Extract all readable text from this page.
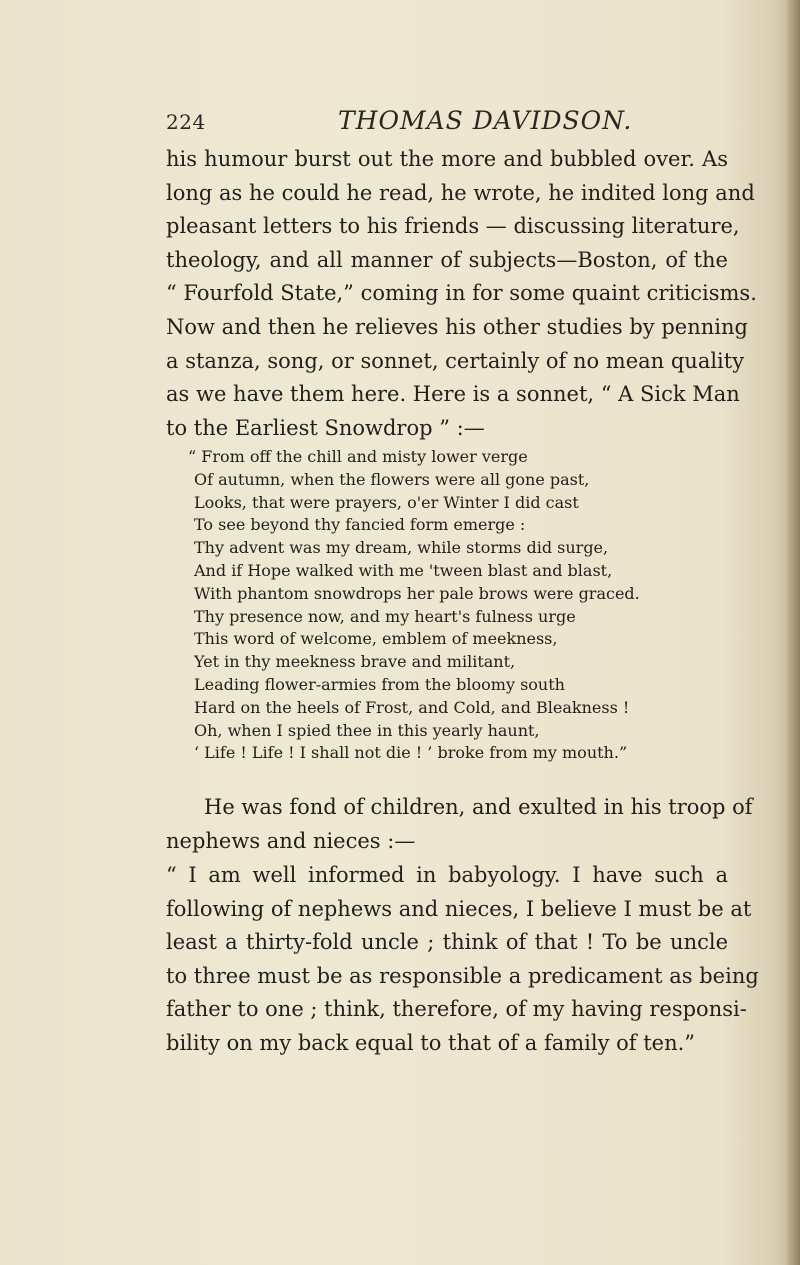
224	THOMAS DAVIDSON.

his humour burst out the more and bubbled over. As
long as he could he read, he wrote, he indited long and
pleasant letters to his friends — discussing literature,
theology, and all manner of subjects—Boston, of the
“ Fourfold State,” coming in for some quaint criticisms.
Now and then he relieves his other studies by penning
a stanza, song, or sonnet, certainly of no mean quality
as we have them here. Here is a sonnet, “ A Sick Man
to the Earliest Snowdrop ” :—

“ From off the chill and misty lower verge
Of autumn, when the flowers were all gone past,
Looks, that were prayers, o'er Winter I did cast
To see beyond thy fancied form emerge :
Thy advent was my dream, while storms did surge,
And if Hope walked with me 'tween blast and blast,
With phantom snowdrops her pale brows were graced.
Thy presence now, and my heart's fulness urge
This word of welcome, emblem of meekness,
Yet in thy meekness brave and militant,
Leading flower-armies from the bloomy south
Hard on the heels of Frost, and Cold, and Bleakness !
Oh, when I spied thee in this yearly haunt,
‘ Life ! Life ! I shall not die ! ’ broke from my mouth.”

He was fond of children, and exulted in his troop of
nephews and nieces :—

“ I am well informed in babyology. I have such a
following of nephews and nieces, I believe I must be at
least a thirty-fold uncle ; think of that ! To be uncle
to three must be as responsible a predicament as being
father to one ; think, therefore, of my having responsi-
bility on my back equal to that of a family of ten.”
